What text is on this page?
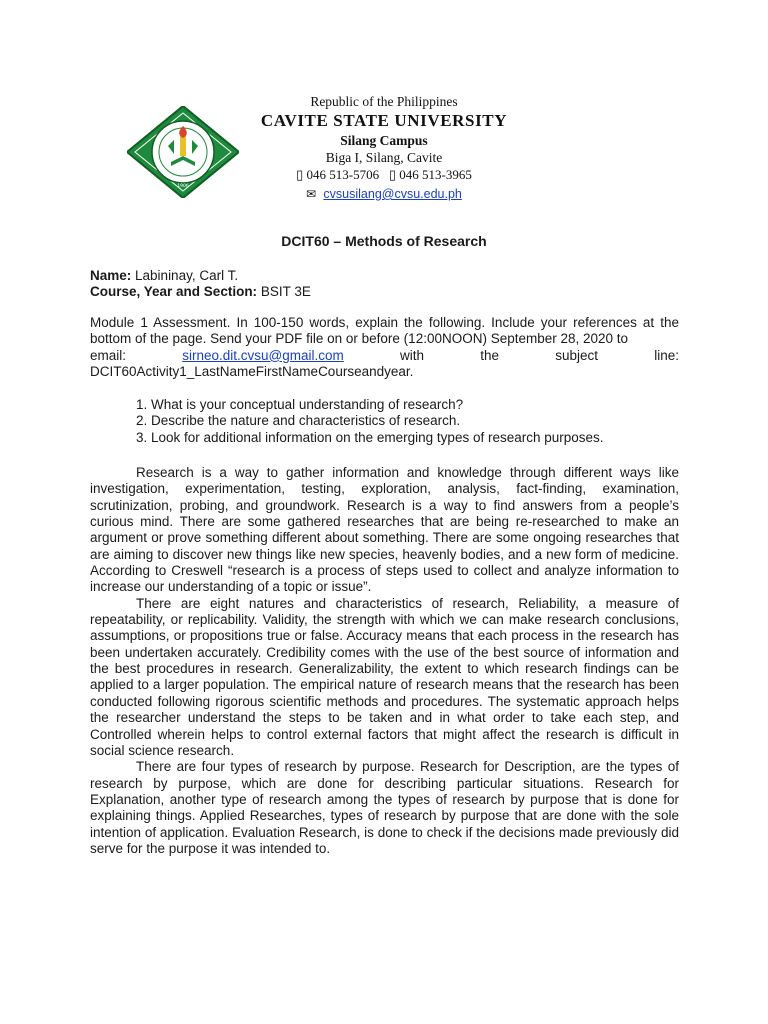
1906
Republic of the Philippines
CAVITE STATE UNIVERSITY
Silang Campus
Biga I, Silang, Cavite
▯ 046 513-5706 ▯ 046 513-3965
✉ cvsusilang@cvsu.edu.ph
DCIT60 – Methods of Research
Name: Labininay, Carl T.
Course, Year and Section: BSIT 3E
Module 1 Assessment. In 100-150 words, explain the following. Include your references at the bottom of the page. Send your PDF file on or before (12:00NOON) September 28, 2020 to
email:	sirneo.dit.cvsu@gmail.com	with	the	subject	line:
DCIT60Activity1_LastNameFirstNameCourseandyear.
1. What is your conceptual understanding of research?
2. Describe the nature and characteristics of research.
3. Look for additional information on the emerging types of research purposes.

Research is a way to gather information and knowledge through different ways like investigation, experimentation, testing, exploration, analysis, fact-finding, examination, scrutinization, probing, and groundwork. Research is a way to find answers from a people’s curious mind. There are some gathered researches that are being re-researched to make an argument or prove something different about something. There are some ongoing researches that are aiming to discover new things like new species, heavenly bodies, and a new form of medicine. According to Creswell “research is a process of steps used to collect and analyze information to increase our understanding of a topic or issue”.

There are eight natures and characteristics of research, Reliability, a measure of repeatability, or replicability. Validity, the strength with which we can make research conclusions, assumptions, or propositions true or false. Accuracy means that each process in the research has been undertaken accurately. Credibility comes with the use of the best source of information and the best procedures in research. Generalizability, the extent to which research findings can be applied to a larger population. The empirical nature of research means that the research has been conducted following rigorous scientific methods and procedures. The systematic approach helps the researcher understand the steps to be taken and in what order to take each step, and Controlled wherein helps to control external factors that might affect the research is difficult in social science research.

There are four types of research by purpose. Research for Description, are the types of research by purpose, which are done for describing particular situations. Research for Explanation, another type of research among the types of research by purpose that is done for explaining things. Applied Researches, types of research by purpose that are done with the sole intention of application. Evaluation Research, is done to check if the decisions made previously did serve for the purpose it was intended to.
